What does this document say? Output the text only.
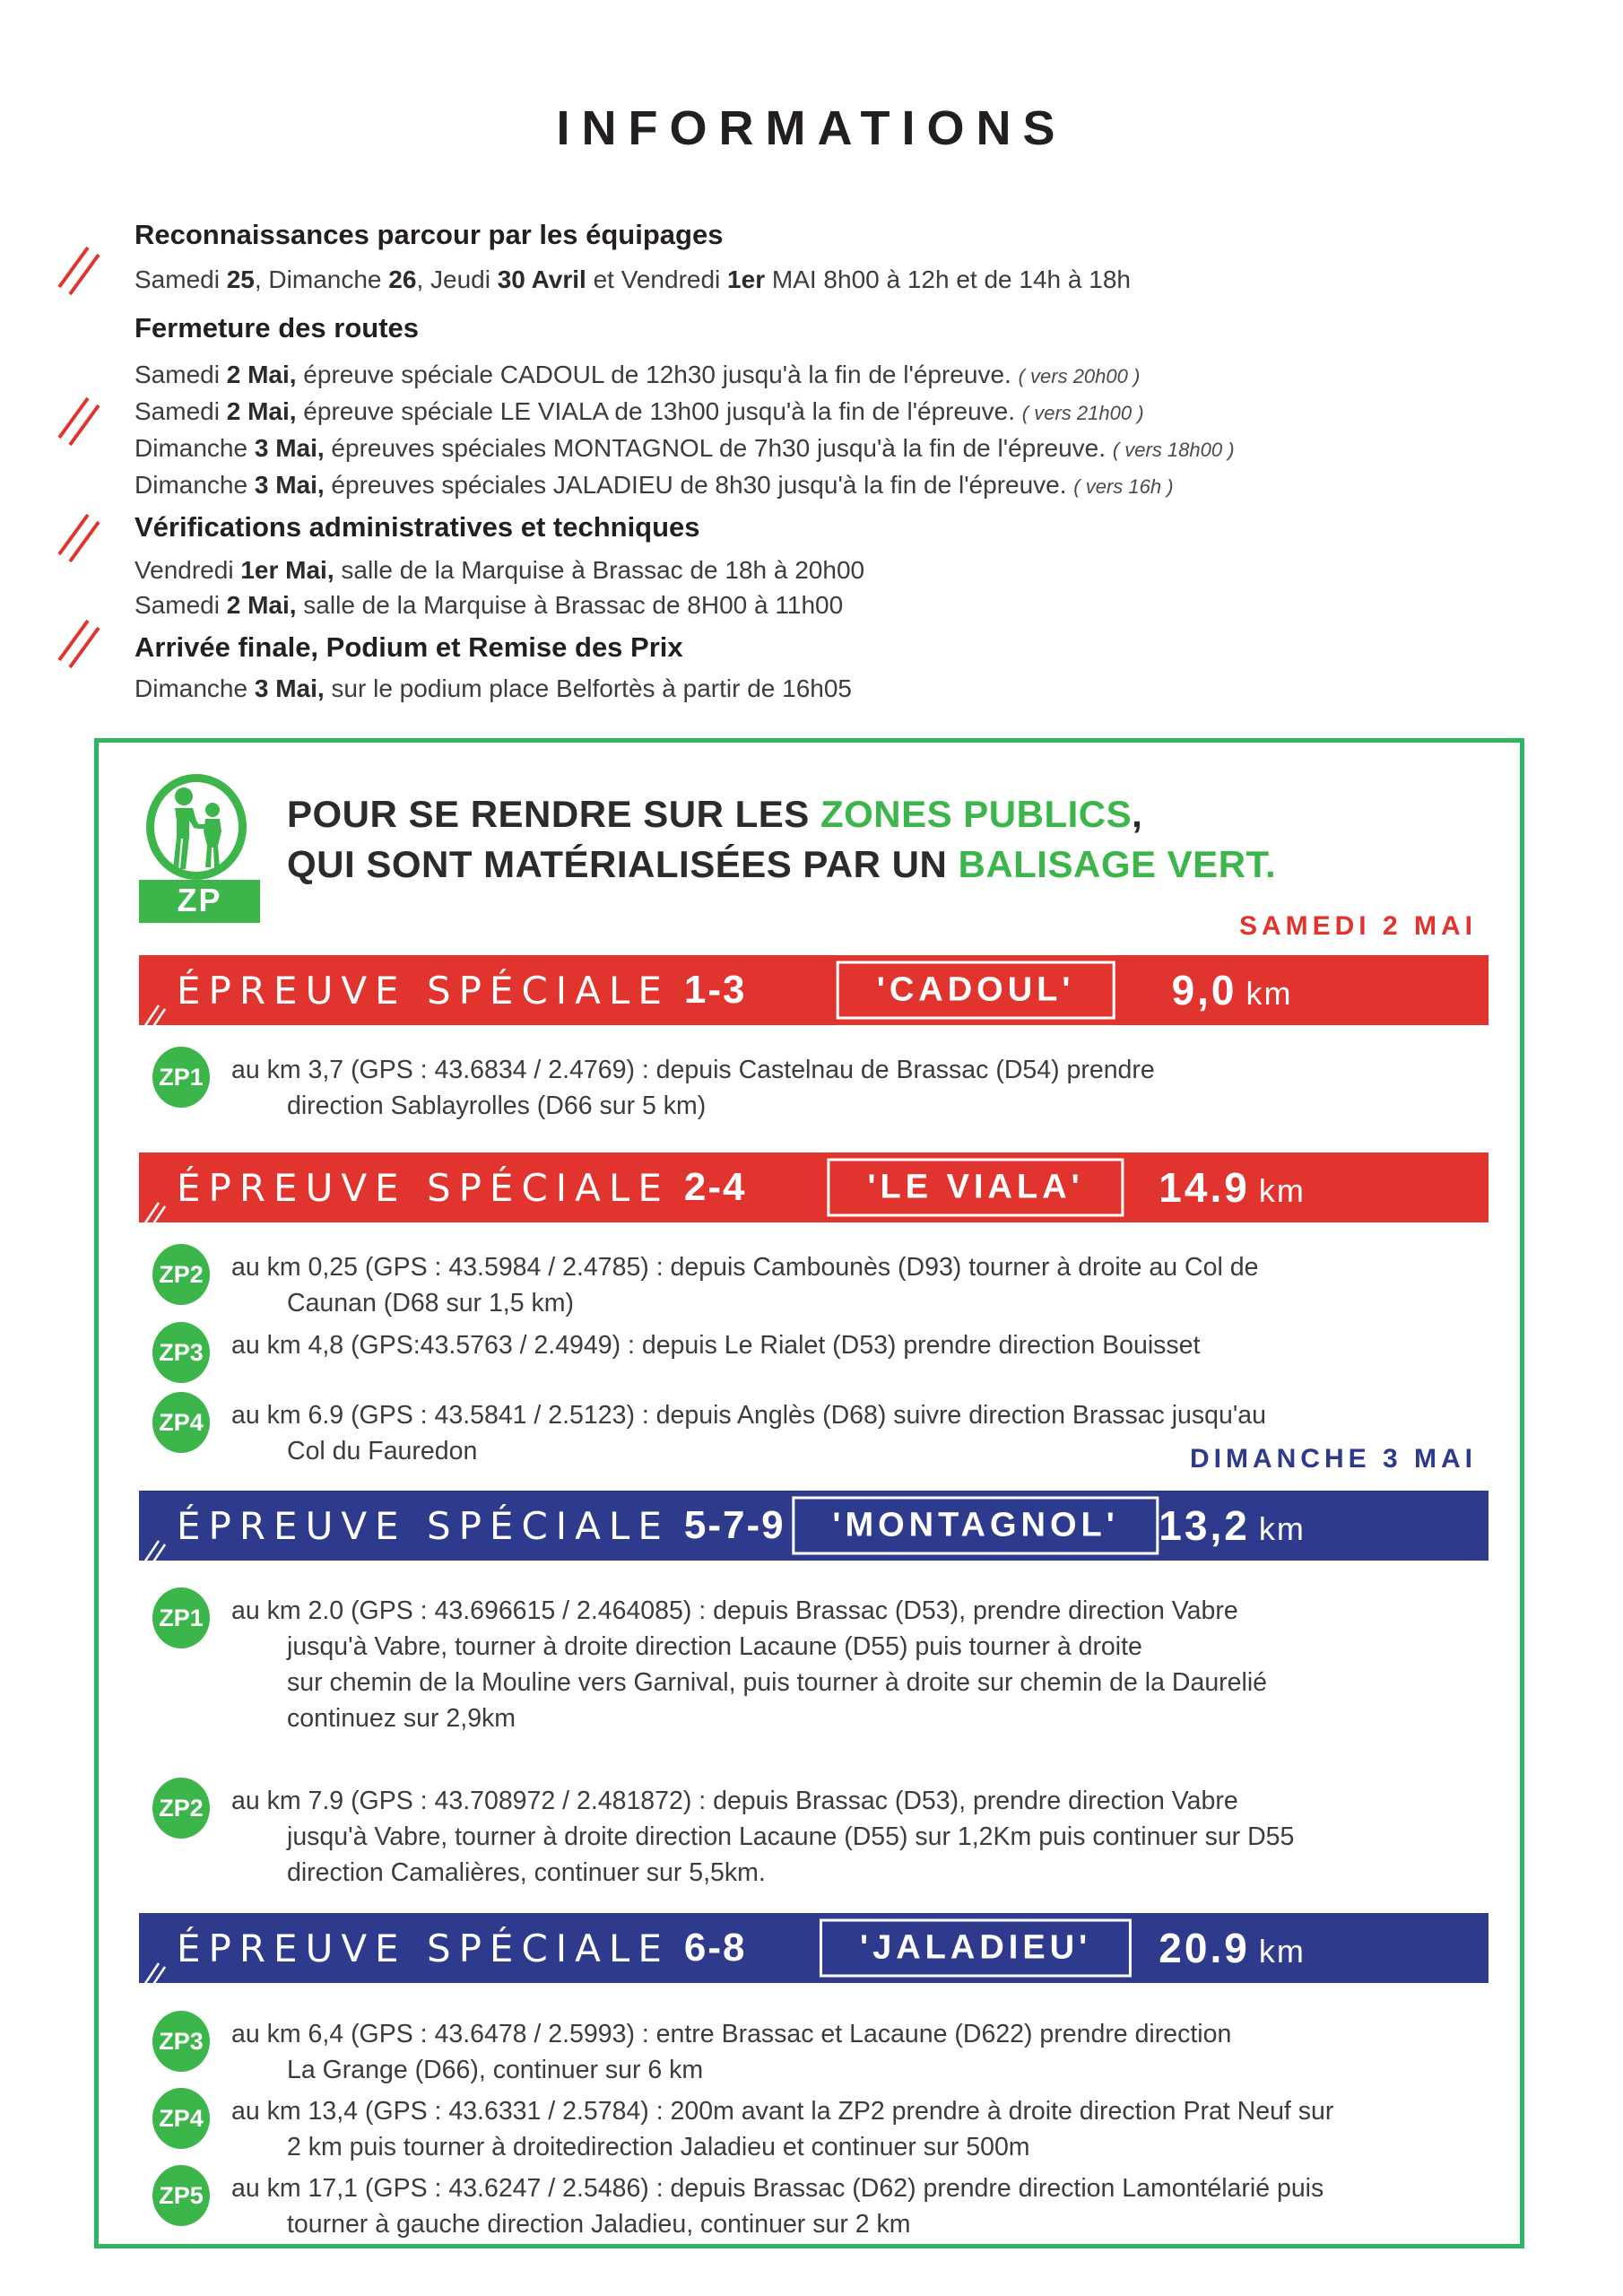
INFORMATIONS
Reconnaissances parcour par les équipages
Samedi 25, Dimanche 26, Jeudi 30 Avril et Vendredi 1er MAI 8h00 à 12h et de 14h à 18h
Fermeture des routes
Samedi 2 Mai, épreuve spéciale CADOUL de 12h30 jusqu'à la fin de l'épreuve. ( vers 20h00 )
Samedi 2 Mai, épreuve spéciale LE VIALA de 13h00 jusqu'à la fin de l'épreuve. ( vers 21h00 )
Dimanche 3 Mai, épreuves spéciales MONTAGNOL de 7h30 jusqu'à la fin de l'épreuve. ( vers 18h00 )
Dimanche 3 Mai, épreuves spéciales JALADIEU de 8h30 jusqu'à la fin de l'épreuve. ( vers 16h )
Vérifications administratives et techniques
Vendredi 1er Mai, salle de la Marquise à Brassac de 18h à 20h00
Samedi 2 Mai, salle de la Marquise à Brassac de 8H00 à 11h00
Arrivée finale, Podium et Remise des Prix
Dimanche 3 Mai, sur le podium place Belfortès à partir de 16h05
ZP
POUR SE RENDRE SUR LES ZONES PUBLICS,
QUI SONT MATÉRIALISÉES PAR UN BALISAGE VERT.
SAMEDI 2 MAI
ÉPREUVE SPÉCIALE 1-3	'CADOUL'	9,0 km
ZP1 au km 3,7 (GPS : 43.6834 / 2.4769) : depuis Castelnau de Brassac (D54) prendre
direction Sablayrolles (D66 sur 5 km)
ÉPREUVE SPÉCIALE 2-4	'LE VIALA'	14.9 km
ZP2 au km 0,25 (GPS : 43.5984 / 2.4785) : depuis Cambounès (D93) tourner à droite au Col de
Caunan (D68 sur 1,5 km)
ZP3 au km 4,8 (GPS:43.5763 / 2.4949) : depuis Le Rialet (D53) prendre direction Bouisset
ZP4 au km 6.9 (GPS : 43.5841 / 2.5123) : depuis Anglès (D68) suivre direction Brassac jusqu'au
Col du Fauredon	DIMANCHE 3 MAI
ÉPREUVE SPÉCIALE 5-7-9	'MONTAGNOL' 13,2 km
ZP1 au km 2.0 (GPS : 43.696615 / 2.464085) : depuis Brassac (D53), prendre direction Vabre
jusqu'à Vabre, tourner à droite direction Lacaune (D55) puis tourner à droite
sur chemin de la Mouline vers Garnival, puis tourner à droite sur chemin de la Daurelié
continuez sur 2,9km
ZP2 au km 7.9 (GPS : 43.708972 / 2.481872) : depuis Brassac (D53), prendre direction Vabre
jusqu'à Vabre, tourner à droite direction Lacaune (D55) sur 1,2Km puis continuer sur D55
direction Camalières, continuer sur 5,5km.
ÉPREUVE SPÉCIALE 6-8	'JALADIEU'	20.9 km
ZP3 au km 6,4 (GPS : 43.6478 / 2.5993) : entre Brassac et Lacaune (D622) prendre direction
La Grange (D66), continuer sur 6 km
ZP4 au km 13,4 (GPS : 43.6331 / 2.5784) : 200m avant la ZP2 prendre à droite direction Prat Neuf sur
2 km puis tourner à droitedirection Jaladieu et continuer sur 500m
ZP5 au km 17,1 (GPS : 43.6247 / 2.5486) : depuis Brassac (D62) prendre direction Lamontélarié puis
tourner à gauche direction Jaladieu, continuer sur 2 km
